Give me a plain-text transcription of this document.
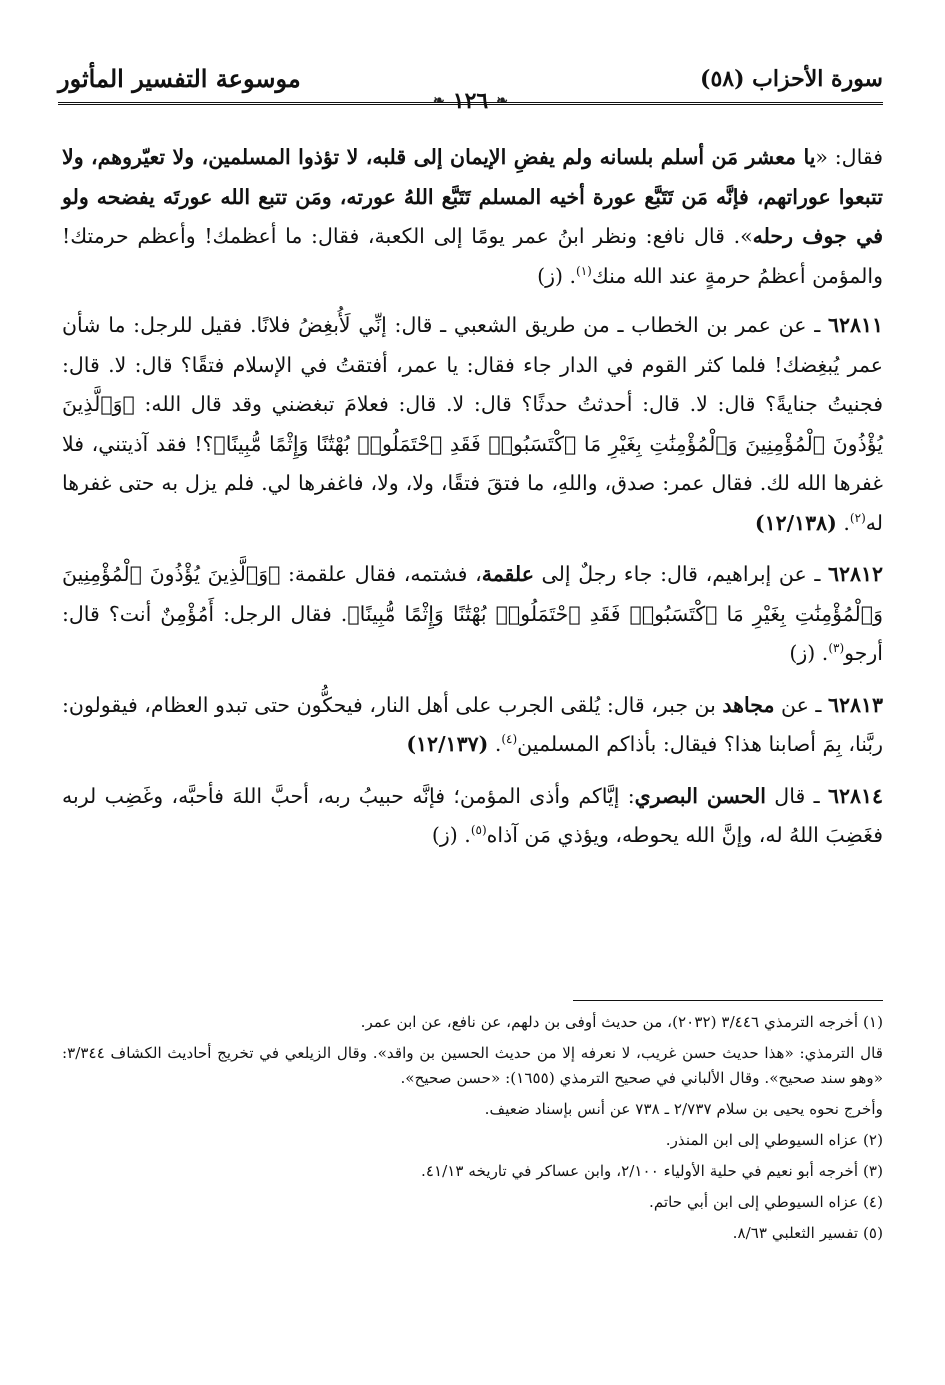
سورة الأحزاب (٥٨)
❧
١٢٦
❧
موسوعة التفسير المأثور

فقال: «يا معشر مَن أسلم بلسانه ولم يفضِ الإيمان إلى قلبه، لا تؤذوا المسلمين، ولا تعيّروهم، ولا تتبعوا عوراتهم، فإنَّه مَن تَتَبَّع عورة أخيه المسلم تَتَبَّع اللهُ عورته، ومَن تتبع الله عورتَه يفضحه ولو في جوف رحله». قال نافع: ونظر ابنُ عمر يومًا إلى الكعبة، فقال: ما أعظمك! وأعظم حرمتك! والمؤمن أعظمُ حرمةٍ عند الله منك$^{(١)}$. (ز)

٦٢٨١١ ـ عن عمر بن الخطاب ـ من طريق الشعبي ـ قال: إنِّي لَأُبغِضُ فلانًا. فقيل للرجل: ما شأن عمر يُبغِضك! فلما كثر القوم في الدار جاء فقال: يا عمر، أفتقتُ في الإسلام فتقًا؟ قال: لا. قال: فجنيتُ جنايةً؟ قال: لا. قال: أحدثتُ حدثًا؟ قال: لا. قال: فعلامَ تبغضني وقد قال الله: ﴿وَٱلَّذِينَ يُؤْذُونَ ٱلْمُؤْمِنِينَ وَٱلْمُؤْمِنَٰتِ بِغَيْرِ مَا ٱكْتَسَبُوا۟ فَقَدِ ٱحْتَمَلُوا۟ بُهْتَٰنًا وَإِثْمًا مُّبِينًا﴾؟! فقد آذيتني، فلا غفرها الله لك. فقال عمر: صدق، واللهِ، ما فتقَ فتقًا، ولا، ولا، فاغفرها لي. فلم يزل به حتى غفرها له$^{(٢)}$. (١٢/١٣٨)

٦٢٨١٢ ـ عن إبراهيم، قال: جاء رجلٌ إلى علقمة، فشتمه، فقال علقمة: ﴿وَٱلَّذِينَ يُؤْذُونَ ٱلْمُؤْمِنِينَ وَٱلْمُؤْمِنَٰتِ بِغَيْرِ مَا ٱكْتَسَبُوا۟ فَقَدِ ٱحْتَمَلُوا۟ بُهْتَٰنًا وَإِثْمًا مُّبِينًا﴾. فقال الرجل: أَمُؤْمِنٌ أنت؟ قال: أرجو$^{(٣)}$. (ز)

٦٢٨١٣ ـ عن مجاهد بن جبر، قال: يُلقى الجرب على أهل النار، فيحكُّون حتى تبدو العظام، فيقولون: ربَّنا، بِمَ أصابنا هذا؟ فيقال: بأذاكم المسلمين$^{(٤)}$. (١٢/١٣٧)

٦٢٨١٤ ـ قال الحسن البصري: إيَّاكم وأذى المؤمن؛ فإنَّه حبيبُ ربه، أحبَّ اللهَ فأحبَّه، وغَضِب لربه فغَضِبَ اللهُ له، وإنَّ الله يحوطه، ويؤذي مَن آذاه$^{(٥)}$. (ز)

(١) أخرجه الترمذي ٣/٤٤٦ (٢٠٣٢)، من حديث أوفى بن دلهم، عن نافع، عن ابن عمر.

قال الترمذي: «هذا حديث حسن غريب، لا نعرفه إلا من حديث الحسين بن واقد». وقال الزيلعي في تخريج أحاديث الكشاف ٣/٣٤٤: «وهو سند صحيح». وقال الألباني في صحيح الترمذي (١٦٥٥): «حسن صحيح».

وأخرج نحوه يحيى بن سلام ٢/٧٣٧ ـ ٧٣٨ عن أنس بإسناد ضعيف.

(٢) عزاه السيوطي إلى ابن المنذر.

(٣) أخرجه أبو نعيم في حلية الأولياء ٢/١٠٠، وابن عساكر في تاريخه ٤١/١٣.

(٤) عزاه السيوطي إلى ابن أبي حاتم.

(٥) تفسير الثعلبي ٨/٦٣.
